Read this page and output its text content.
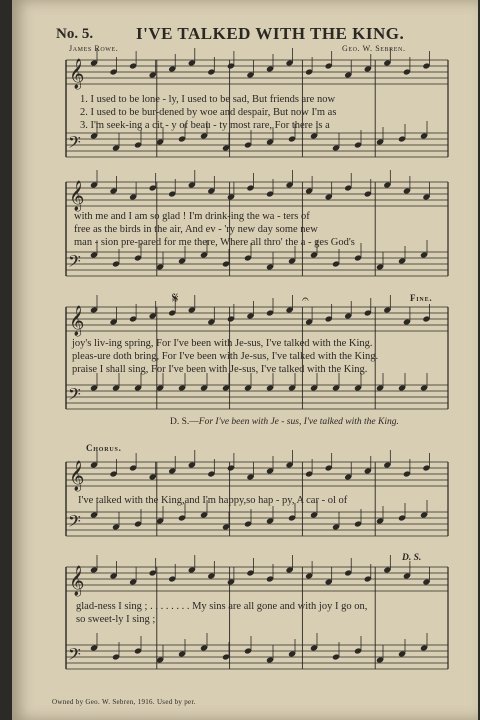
𝄞
𝄢
𝄞
𝄢
𝄞
𝄢
𝄞
𝄢
𝄞
𝄢
No. 5.	I'VE TALKED WITH THE KING.
James Rowe.	Geo. W. Sebren.
1. I used to be lone - ly, I used to be sad, But friends are now
2. I used to be bur-dened by woe and despair, But now I'm as
3. I'm seek-ing a cit - y of beau - ty most rare, For there is a
with me and I am so glad ! I'm drink-ing the wa - ters of
free as the birds in the air, And ev - 'ry new day some new
man - sion pre-pared for me there, Where all thro' the a - ges God's
𝄋	𝄐	Fine.
joy's liv-ing spring, For I've been with Je-sus, I've talked with the King.
pleas-ure doth bring, For I've been with Je-sus, I've talked with the King.
praise I shall sing, For I've been with Je-sus, I've talked with the King.
D. S.—For I've been with Je - sus, I've talked with the King.
Chorus.
I've talked with the King,and I'm happy,so hap - py, A car - ol of
D. S.
glad-ness I sing ; . . . . . . . . My sins are all gone and with joy I go on,
so sweet-ly I sing ;
Owned by Geo. W. Sebren, 1916. Used by per.
